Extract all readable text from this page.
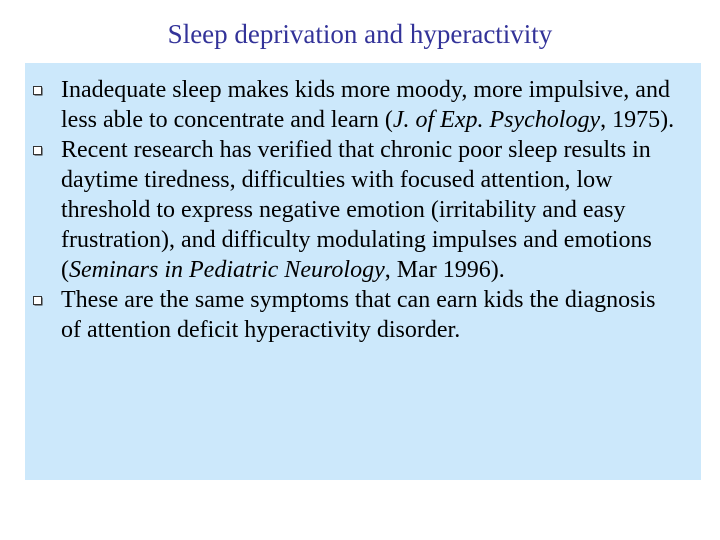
Sleep deprivation and hyperactivity
Inadequate sleep makes kids more moody, more impulsive, and less able to concentrate and learn (J. of Exp. Psychology, 1975).
Recent research has verified that chronic poor sleep results in daytime tiredness, difficulties with focused attention, low threshold to express negative emotion (irritability and easy frustration), and difficulty modulating impulses and emotions (Seminars in Pediatric Neurology, Mar 1996).
These are the same symptoms that can earn kids the diagnosis of attention deficit hyperactivity disorder.
